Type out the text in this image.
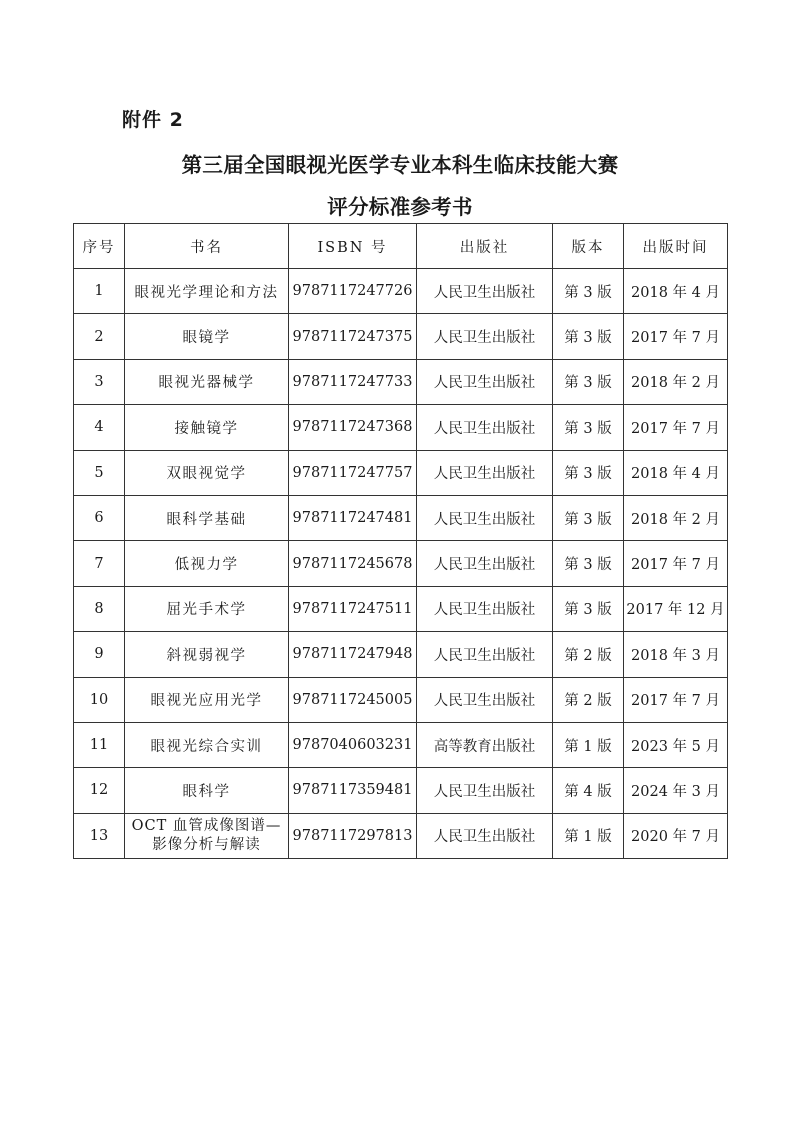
附件 2
第三届全国眼视光医学专业本科生临床技能大赛
评分标准参考书
序号	书名	ISBN 号	出版社	版本	出版时间
1	眼视光学理论和方法	9787117247726	人民卫生出版社	第 3 版	2018 年 4 月
2	眼镜学	9787117247375	人民卫生出版社	第 3 版	2017 年 7 月
3	眼视光器械学	9787117247733	人民卫生出版社	第 3 版	2018 年 2 月
4	接触镜学	9787117247368	人民卫生出版社	第 3 版	2017 年 7 月
5	双眼视觉学	9787117247757	人民卫生出版社	第 3 版	2018 年 4 月
6	眼科学基础	9787117247481	人民卫生出版社	第 3 版	2018 年 2 月
7	低视力学	9787117245678	人民卫生出版社	第 3 版	2017 年 7 月
8	屈光手术学	9787117247511	人民卫生出版社	第 3 版	2017 年 12 月
9	斜视弱视学	9787117247948	人民卫生出版社	第 2 版	2018 年 3 月
10	眼视光应用光学	9787117245005	人民卫生出版社	第 2 版	2017 年 7 月
11	眼视光综合实训	9787040603231	高等教育出版社	第 1 版	2023 年 5 月
12	眼科学	9787117359481	人民卫生出版社	第 4 版	2024 年 3 月
13	OCT 血管成像图谱—
影像分析与解读	9787117297813	人民卫生出版社	第 1 版	2020 年 7 月
